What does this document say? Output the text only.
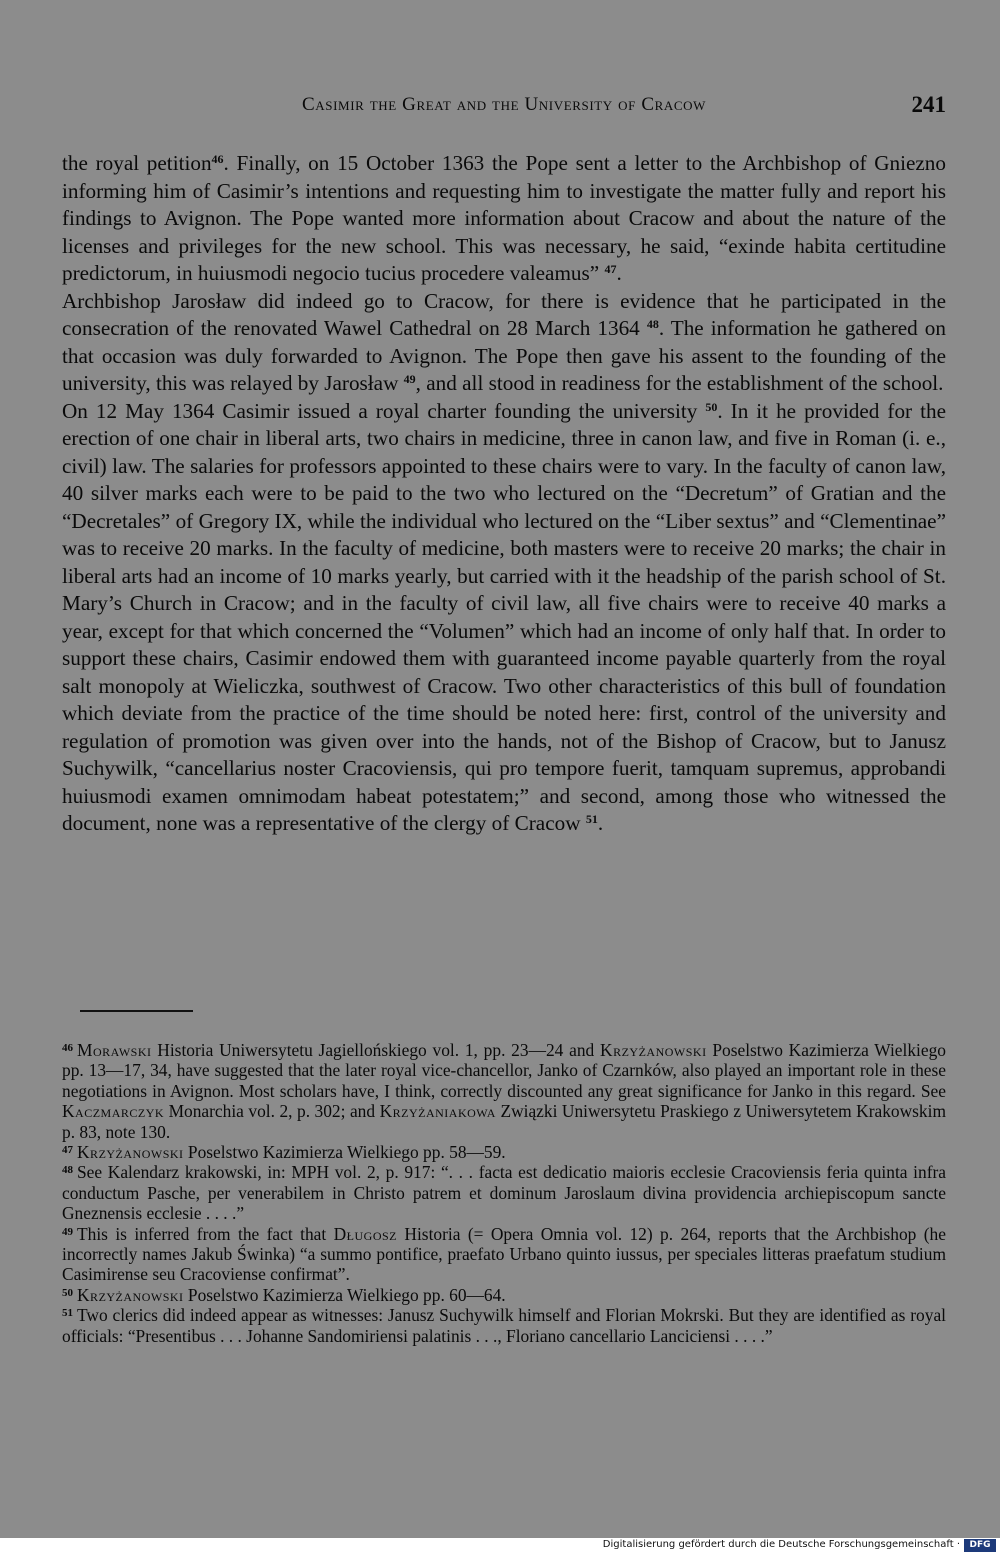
Casimir the Great and the University of Cracow	241

the royal petition$^{46}$. Finally, on 15 October 1363 the Pope sent a letter to the Archbishop of Gniezno informing him of Casimir’s intentions and requesting him to investigate the matter fully and report his findings to Avignon. The Pope wanted more information about Cracow and about the nature of the licenses and privileges for the new school. This was necessary, he said, “exinde habita certitudine predictorum, in huiusmodi negocio tucius procedere valeamus” $^{47}$.

Archbishop Jarosław did indeed go to Cracow, for there is evidence that he participated in the consecration of the renovated Wawel Cathedral on 28 March 1364 $^{48}$. The information he gathered on that occasion was duly forwarded to Avignon. The Pope then gave his assent to the founding of the university, this was relayed by Jarosław $^{49}$, and all stood in readiness for the establishment of the school.

On 12 May 1364 Casimir issued a royal charter founding the university $^{50}$. In it he provided for the erection of one chair in liberal arts, two chairs in medicine, three in canon law, and five in Roman (i. e., civil) law. The salaries for professors appointed to these chairs were to vary. In the faculty of canon law, 40 silver marks each were to be paid to the two who lectured on the “Decretum” of Gratian and the “Decretales” of Gregory IX, while the individual who lectured on the “Liber sextus” and “Clementinae” was to receive 20 marks. In the faculty of medicine, both masters were to receive 20 marks; the chair in liberal arts had an income of 10 marks yearly, but carried with it the headship of the parish school of St. Mary’s Church in Cracow; and in the faculty of civil law, all five chairs were to receive 40 marks a year, except for that which concerned the “Volumen” which had an income of only half that. In order to support these chairs, Casimir endowed them with guaranteed income payable quarterly from the royal salt monopoly at Wieliczka, southwest of Cracow. Two other characteristics of this bull of foundation which deviate from the practice of the time should be noted here: first, control of the university and regulation of promotion was given over into the hands, not of the Bishop of Cracow, but to Janusz Suchywilk, “cancellarius noster Cracoviensis, qui pro tempore fuerit, tamquam supremus, approbandi huiusmodi examen omnimodam habeat potestatem;” and second, among those who witnessed the document, none was a representative of the clergy of Cracow $^{51}$.

$^{46}$ Morawski Historia Uniwersytetu Jagiellońskiego vol. 1, pp. 23—24 and Krzyżanowski Poselstwo Kazimierza Wielkiego pp. 13—17, 34, have suggested that the later royal vice-chancellor, Janko of Czarnków, also played an important role in these negotiations in Avignon. Most scholars have, I think, correctly discounted any great significance for Janko in this regard. See Kaczmarczyk Monarchia vol. 2, p. 302; and Krzyżaniakowa Związki Uniwersytetu Praskiego z Uniwersytetem Krakowskim p. 83, note 130.

$^{47}$ Krzyżanowski Poselstwo Kazimierza Wielkiego pp. 58—59.

$^{48}$ See Kalendarz krakowski, in: MPH vol. 2, p. 917: “. . . facta est dedicatio maioris ecclesie Cracoviensis feria quinta infra conductum Pasche, per venerabilem in Christo patrem et dominum Jaroslaum divina providencia archiepiscopum sancte Gneznensis ecclesie . . . .”

$^{49}$ This is inferred from the fact that Długosz Historia (= Opera Omnia vol. 12) p. 264, reports that the Archbishop (he incorrectly names Jakub Świnka) “a summo pontifice, praefato Urbano quinto iussus, per speciales litteras praefatum studium Casimirense seu Cracoviense confirmat”.

$^{50}$ Krzyżanowski Poselstwo Kazimierza Wielkiego pp. 60—64.

$^{51}$ Two clerics did indeed appear as witnesses: Janusz Suchywilk himself and Florian Mokrski. But they are identified as royal officials: “Presentibus . . . Johanne Sandomiriensi palatinis . . ., Floriano cancellario Lanciciensi . . . .”

Digitalisierung gefördert durch die Deutsche Forschungsgemeinschaft ·	DFG
